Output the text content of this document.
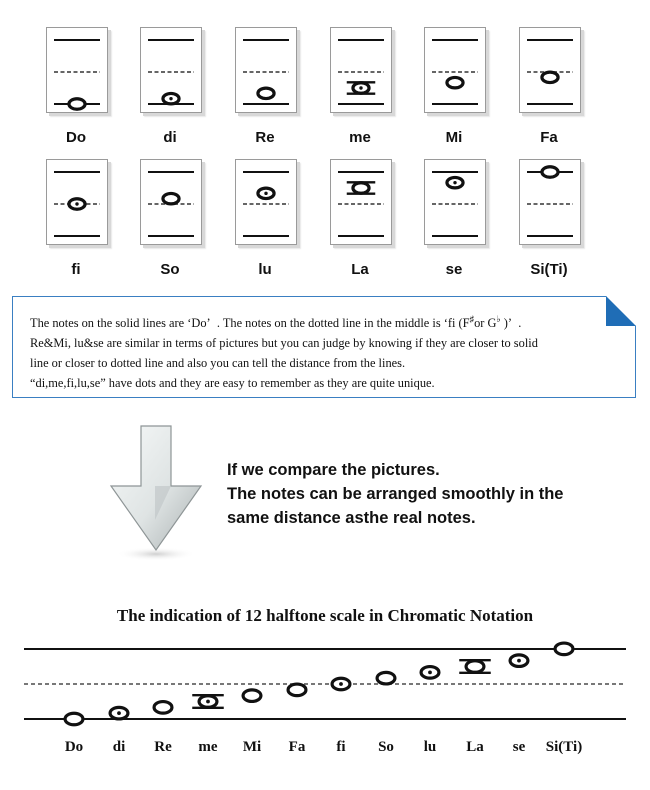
Do	di	Re	me	Mi	Fa
fi	So	lu	La	se	Si(Ti)

The notes on the solid lines are ‘Do’ . The notes on the dotted line in the middle is ‘fi (F♯or G♭ )’ .

Re&Mi, lu&se are similar in terms of pictures but you can judge by knowing if they are closer to solid

line or closer to dotted line and also you can tell the distance from the lines.

“di,me,fi,lu,se” have dots and they are easy to remember as they are quite unique.

If we compare the pictures.
The notes can be arranged smoothly in the
same distance asthe real notes.
The indication of 12 halftone scale in Chromatic Notation
Do	di	Re	me	Mi	Fa	fi	So	lu	La	se	Si(Ti)
